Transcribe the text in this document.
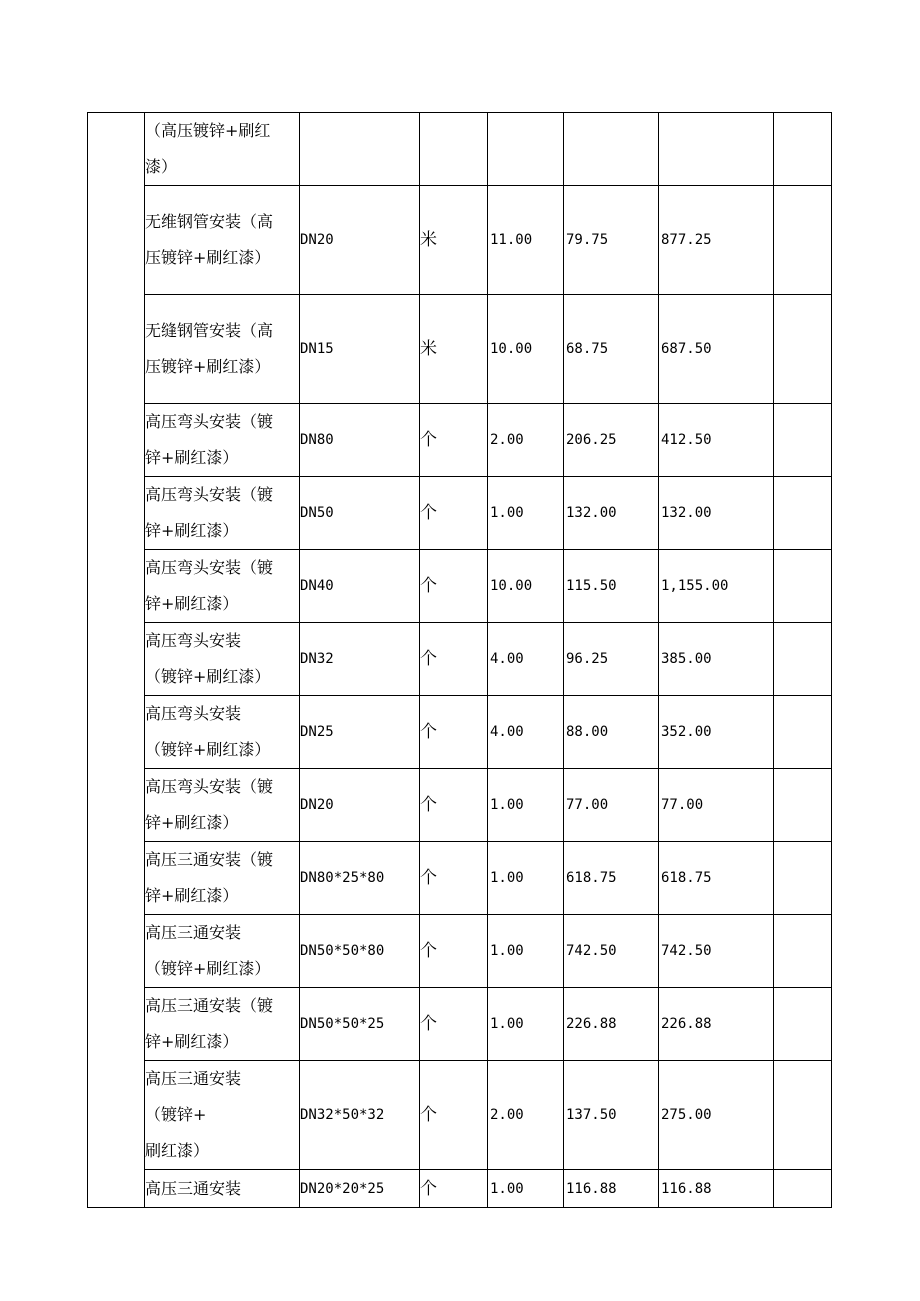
	（高压镀锌+刷红
漆）						

	无维钢管安装（高
压镀锌+刷红漆）	DN20	米	11.00	79.75	877.25	

	无缝钢管安装（高
压镀锌+刷红漆）	DN15	米	10.00	68.75	687.50	

	高压弯头安装（镀
锌+刷红漆）	DN80	个	2.00	206.25	412.50	

	高压弯头安装（镀
锌+刷红漆）	DN50	个	1.00	132.00	132.00	

	高压弯头安装（镀
锌+刷红漆）	DN40	个	10.00	115.50	1,155.00	

	高压弯头安装
（镀锌+刷红漆）	DN32	个	4.00	96.25	385.00	

	高压弯头安装
（镀锌+刷红漆）	DN25	个	4.00	88.00	352.00	

	高压弯头安装（镀
锌+刷红漆）	DN20	个	1.00	77.00	77.00	

	高压三通安装（镀
锌+刷红漆）	DN80*25*80	个	1.00	618.75	618.75	

	高压三通安装
（镀锌+刷红漆）	DN50*50*80	个	1.00	742.50	742.50	

	高压三通安装（镀
锌+刷红漆）	DN50*50*25	个	1.00	226.88	226.88	

	高压三通安装
（镀锌+
刷红漆）	DN32*50*32	个	2.00	137.50	275.00	

	高压三通安装	DN20*20*25	个	1.00	116.88	116.88	
